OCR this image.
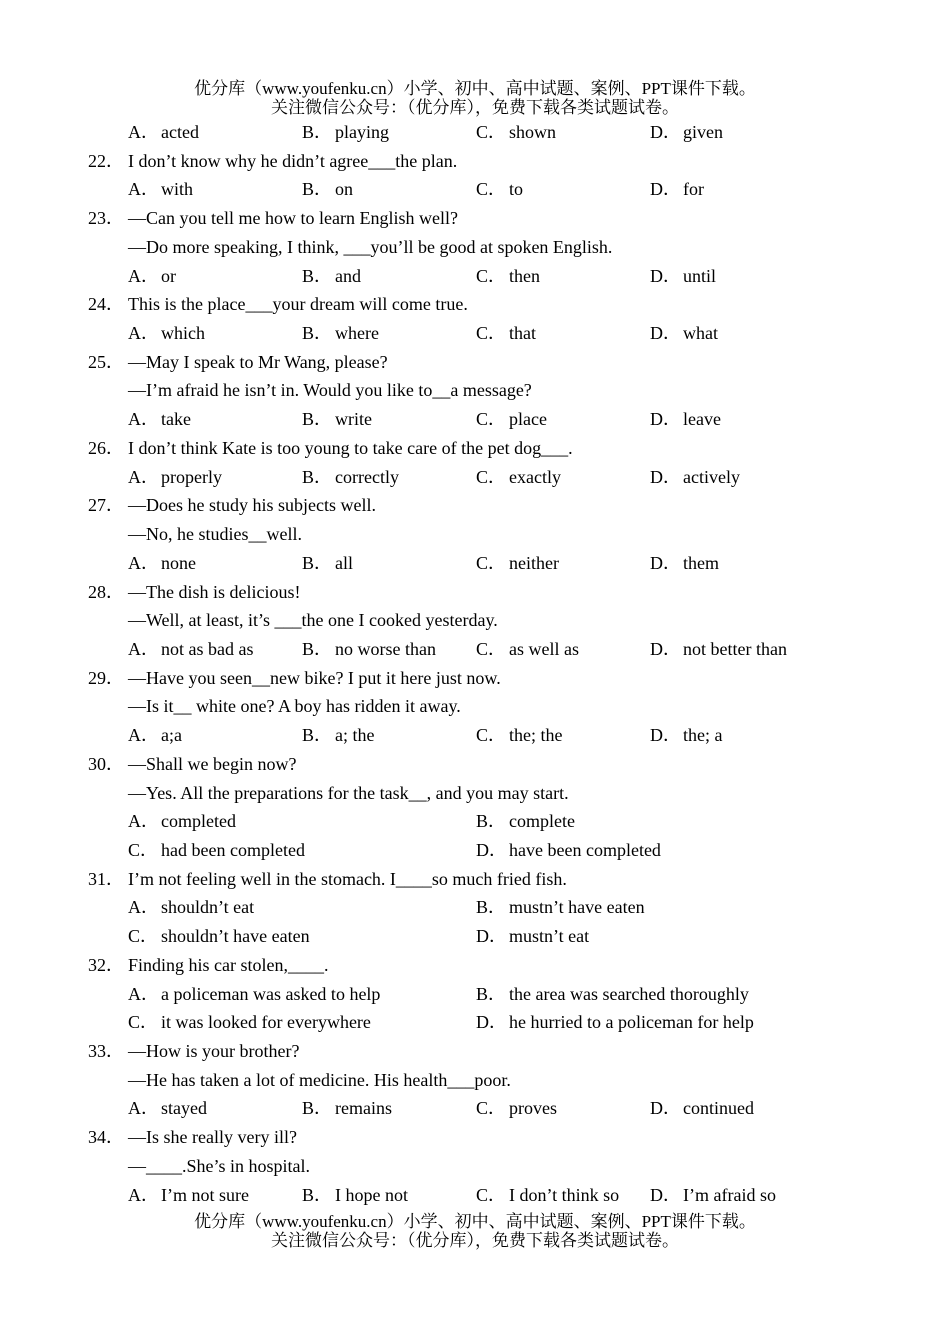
优分库（www.youfenku.cn）小学、初中、高中试题、案例、PPT课件下载。
关注微信公众号：（优分库），免费下载各类试题试卷。
A． acted	B． playing	C． shown	D． given
22． I don’t know why he didn’t agree___the plan.
A． with	B． on	C． to	D． for
23． —Can you tell me how to learn English well?
—Do more speaking, I think, ___you’ll be good at spoken English.
A． or	B． and	C． then	D． until
24． This is the place___your dream will come true.
A． which	B． where	C． that	D． what
25． —May I speak to Mr Wang, please?
—I’m afraid he isn’t in. Would you like to__a message?
A． take	B． write	C． place	D． leave
26． I don’t think Kate is too young to take care of the pet dog___.
A． properly	B． correctly	C． exactly	D． actively
27． —Does he study his subjects well.
—No, he studies__well.
A． none	B． all	C． neither	D． them
28． —The dish is delicious!
—Well, at least, it’s ___the one I cooked yesterday.
A． not as bad as	B． no worse than C． as well as	D． not better than
29． —Have you seen__new bike? I put it here just now.
—Is it__ white one? A boy has ridden it away.
A． a;a	B． a; the	C． the; the	D． the; a
30． —Shall we begin now?
—Yes. All the preparations for the task__, and you may start.
A． completed	B． complete
C． had been completed	D． have been completed
31． I’m not feeling well in the stomach. I____so much fried fish.
A． shouldn’t eat	B． mustn’t have eaten
C． shouldn’t have eaten	D． mustn’t eat
32． Finding his car stolen,____.
A． a policeman was asked to help	B． the area was searched thoroughly
C． it was looked for everywhere	D． he hurried to a policeman for help
33． —How is your brother?
—He has taken a lot of medicine. His health___poor.
A． stayed	B． remains	C． proves	D． continued
34． —Is she really very ill?
—____.She’s in hospital.
A． I’m not sure	B． I hope not	C． I don’t think so D． I’m afraid so
优分库（www.youfenku.cn）小学、初中、高中试题、案例、PPT课件下载。
关注微信公众号：（优分库），免费下载各类试题试卷。
